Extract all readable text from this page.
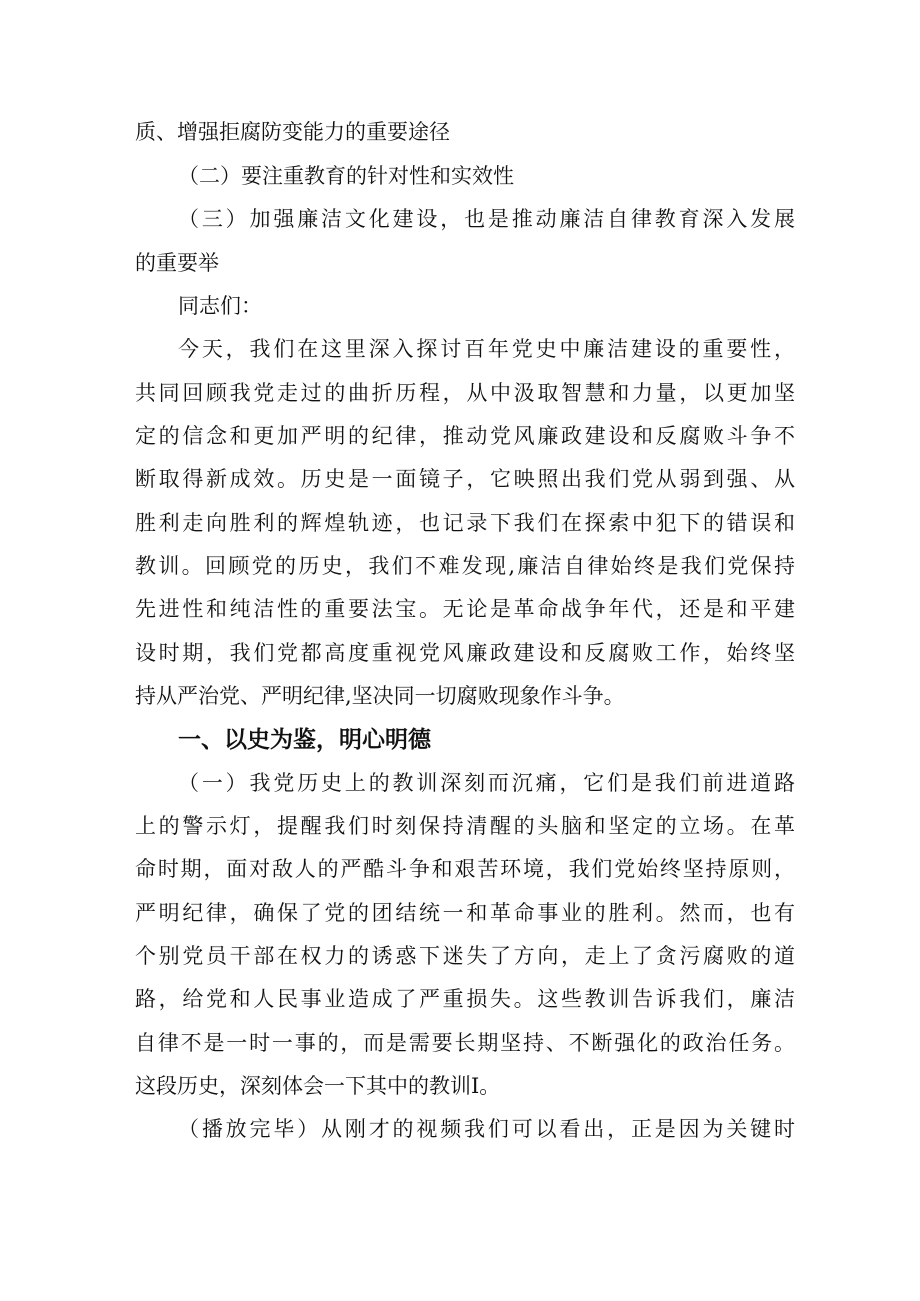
质、增强拒腐防变能力的重要途径
（二）要注重教育的针对性和实效性
（三）加强廉洁文化建设，也是推动廉洁自律教育深入发展
的重要举
同志们：
今天，我们在这里深入探讨百年党史中廉洁建设的重要性，
共同回顾我党走过的曲折历程，从中汲取智慧和力量，以更加坚
定的信念和更加严明的纪律，推动党风廉政建设和反腐败斗争不
断取得新成效。历史是一面镜子，它映照出我们党从弱到强、从
胜利走向胜利的辉煌轨迹，也记录下我们在探索中犯下的错误和
教训。回顾党的历史，我们不难发现,廉洁自律始终是我们党保持
先进性和纯洁性的重要法宝。无论是革命战争年代，还是和平建
设时期，我们党都高度重视党风廉政建设和反腐败工作，始终坚
持从严治党、严明纪律,坚决同一切腐败现象作斗争。
一、以史为鉴，明心明德
（一）我党历史上的教训深刻而沉痛，它们是我们前进道路
上的警示灯，提醒我们时刻保持清醒的头脑和坚定的立场。在革
命时期，面对敌人的严酷斗争和艰苦环境，我们党始终坚持原则，
严明纪律，确保了党的团结统一和革命事业的胜利。然而，也有
个别党员干部在权力的诱惑下迷失了方向，走上了贪污腐败的道
路，给党和人民事业造成了严重损失。这些教训告诉我们，廉洁
自律不是一时一事的，而是需要长期坚持、不断强化的政治任务。
这段历史，深刻体会一下其中的教训I。
（播放完毕）从刚才的视频我们可以看出，正是因为关键时
